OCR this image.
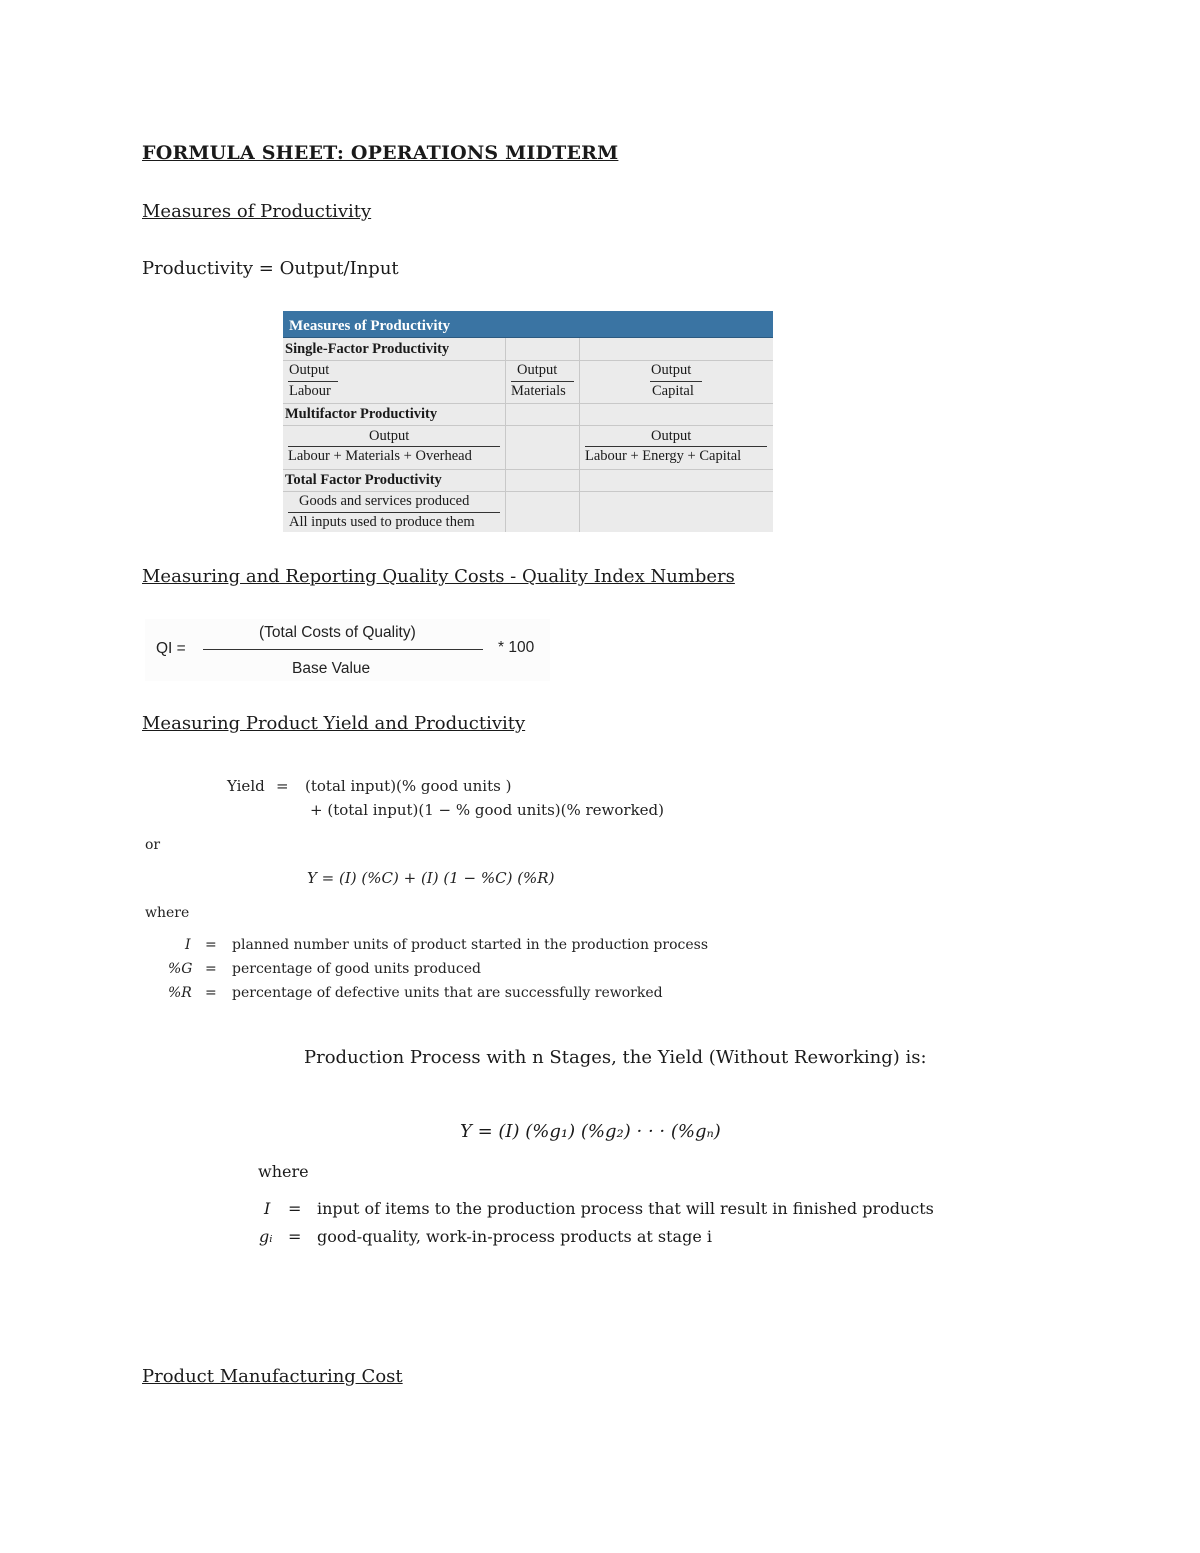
FORMULA SHEET: OPERATIONS MIDTERM
Measures of Productivity
Productivity = Output/Input
Measures of Productivity
Single-Factor Productivity
Output
Labour
Output
Materials
Output
Capital
Multifactor Productivity
Output
Labour + Materials + Overhead
Output
Labour + Energy + Capital
Total Factor Productivity
Goods and services produced
All inputs used to produce them
Measuring and Reporting Quality Costs - Quality Index Numbers
QI =
(Total Costs of Quality)
Base Value
* 100
Measuring Product Yield and Productivity
Yield = (total input)(% good units )
+ (total input)(1 − % good units)(% reworked)
or
Y = (I) (%C) + (I) (1 − %C) (%R)
where
I = planned number units of product started in the production process
%G = percentage of good units produced
%R = percentage of defective units that are successfully reworked
Production Process with n Stages, the Yield (Without Reworking) is:
Y = (I) (%g₁) (%g₂) · · · (%gₙ)
where
I = input of items to the production process that will result in finished products
gᵢ = good-quality, work-in-process products at stage i
Product Manufacturing Cost
